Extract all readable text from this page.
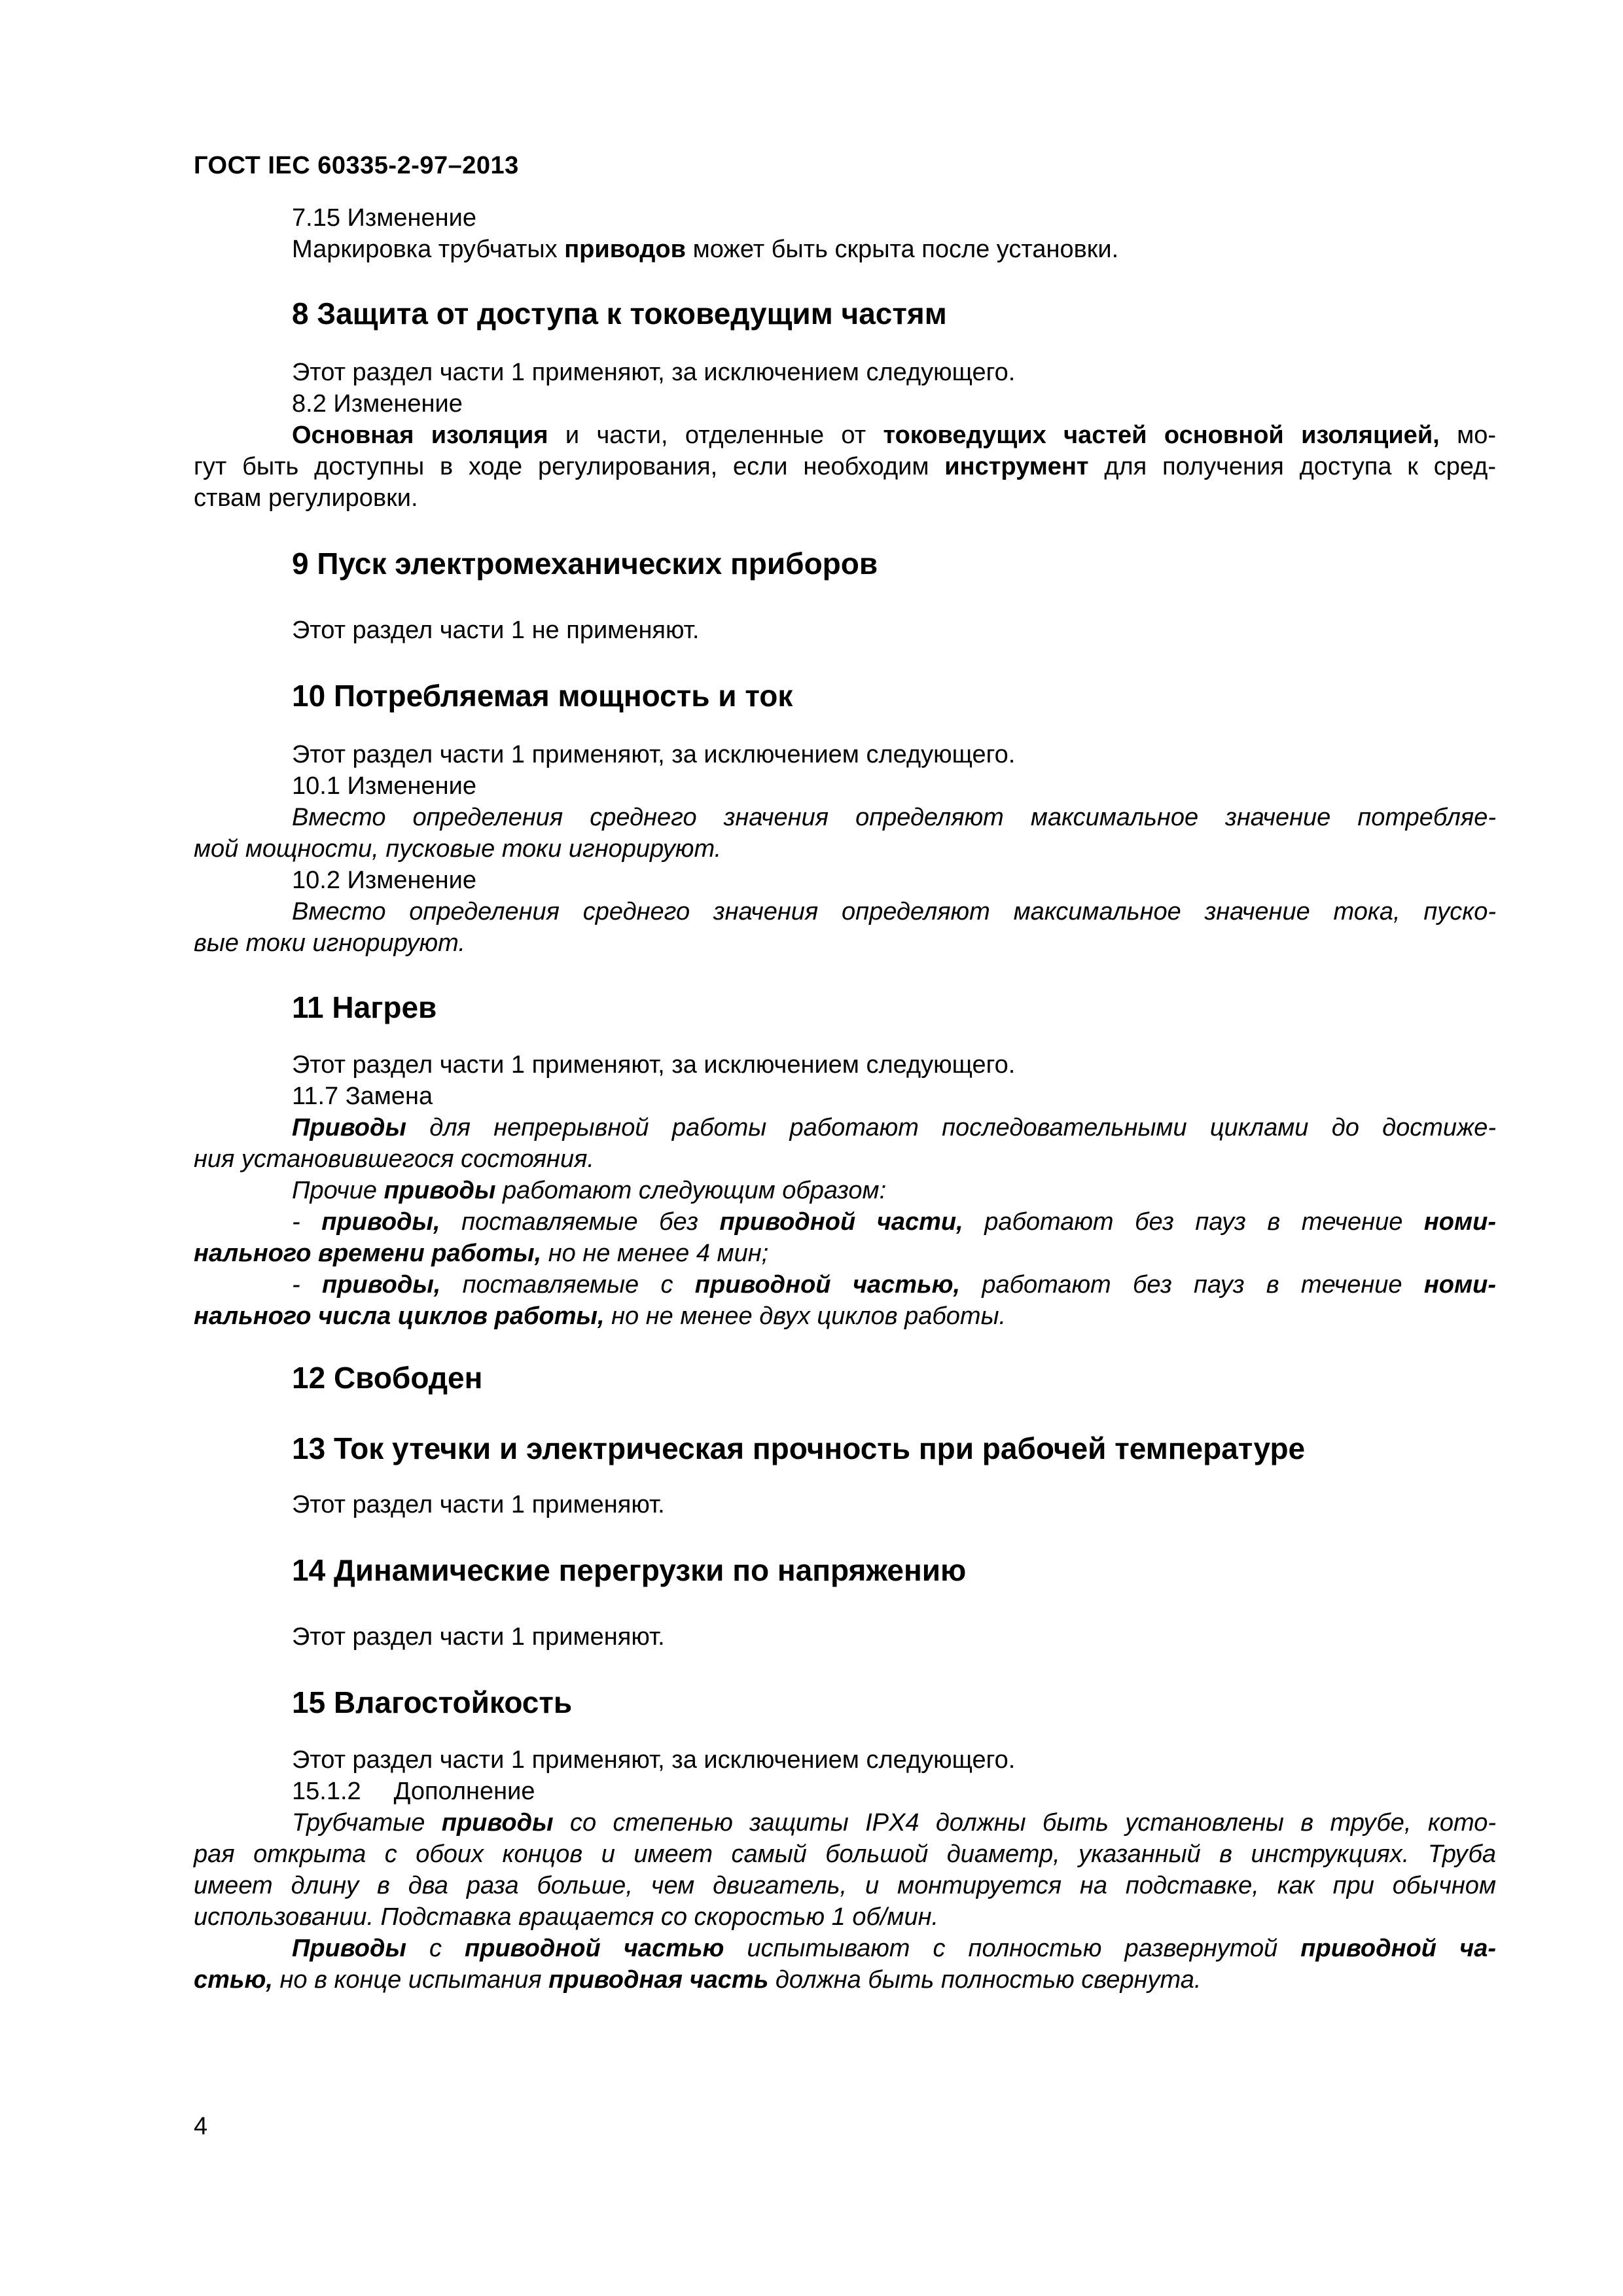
ГОСТ IEC 60335-2-97–2013
7.15 Изменение
Маркировка трубчатых приводов может быть скрыта после установки.
8 Защита от доступа к токоведущим частям
Этот раздел части 1 применяют, за исключением следующего.
8.2 Изменение
Основная изоляция и части, отделенные от токоведущих частей основной изоляцией, мо-
гут быть доступны в ходе регулирования, если необходим инструмент для получения доступа к сред-
ствам регулировки.
9 Пуск электромеханических приборов
Этот раздел части 1 не применяют.
10 Потребляемая мощность и ток
Этот раздел части 1 применяют, за исключением следующего.
10.1 Изменение
Вместо определения среднего значения определяют максимальное значение потребляе-
мой мощности, пусковые токи игнорируют.
10.2 Изменение
Вместо определения среднего значения определяют максимальное значение тока, пуско-
вые токи игнорируют.
11 Нагрев
Этот раздел части 1 применяют, за исключением следующего.
11.7 Замена
Приводы для непрерывной работы работают последовательными циклами до достиже-
ния установившегося состояния.
Прочие приводы работают следующим образом:
- приводы, поставляемые без приводной части, работают без пауз в течение номи-
нального времени работы, но не менее 4 мин;
- приводы, поставляемые с приводной частью, работают без пауз в течение номи-
нального числа циклов работы, но не менее двух циклов работы.
12 Свободен
13 Ток утечки и электрическая прочность при рабочей температуре
Этот раздел части 1 применяют.
14 Динамические перегрузки по напряжению
Этот раздел части 1 применяют.
15 Влагостойкость
Этот раздел части 1 применяют, за исключением следующего.
15.1.2 Дополнение
Трубчатые приводы со степенью защиты IPX4 должны быть установлены в трубе, кото-
рая открыта с обоих концов и имеет самый большой диаметр, указанный в инструкциях. Труба
имеет длину в два раза больше, чем двигатель, и монтируется на подставке, как при обычном
использовании. Подставка вращается со скоростью 1 об/мин.
Приводы с приводной частью испытывают с полностью развернутой приводной ча-
стью, но в конце испытания приводная часть должна быть полностью свернута.
4
